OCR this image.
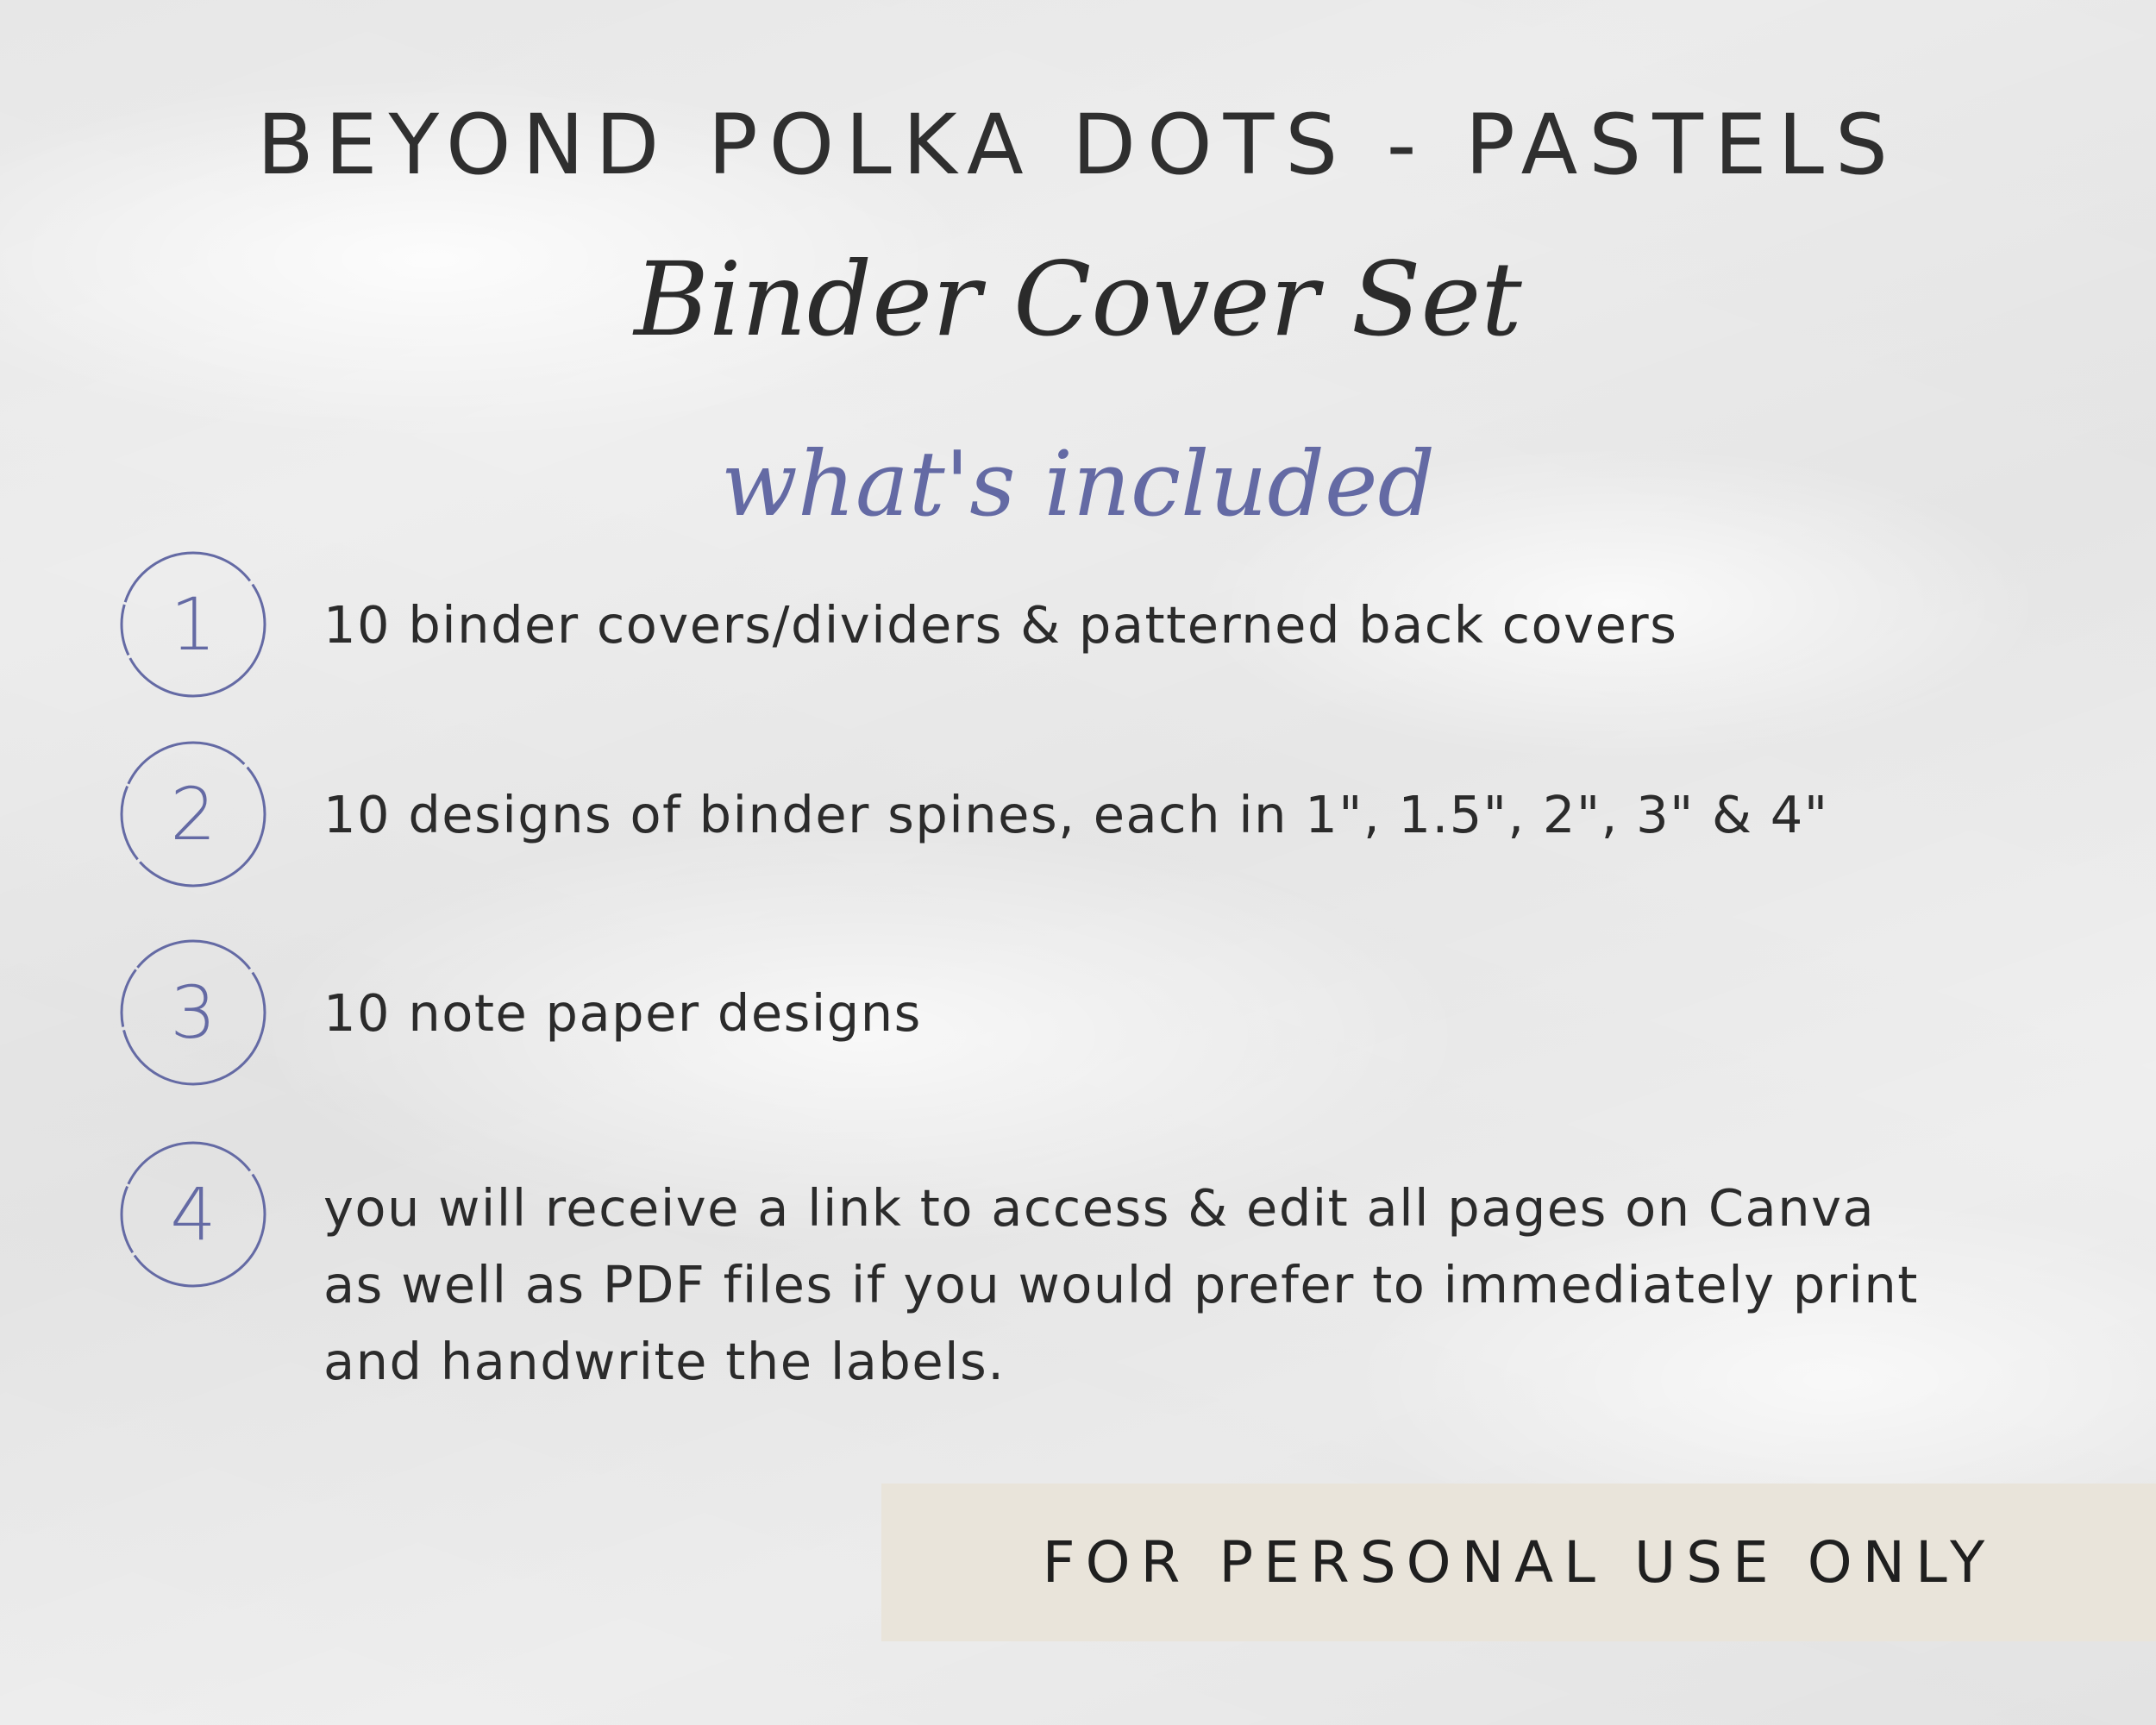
BEYOND POLKA DOTS - PASTELS
Binder Cover Set
what's included
1	10 binder covers/dividers & patterned back covers
2	10 designs of binder spines, each in 1", 1.5", 2", 3" & 4"
3	10 note paper designs
4	you will receive a link to access & edit all pages on Canva
as well as PDF files if you would prefer to immediately print
and handwrite the labels.
FOR PERSONAL USE ONLY
